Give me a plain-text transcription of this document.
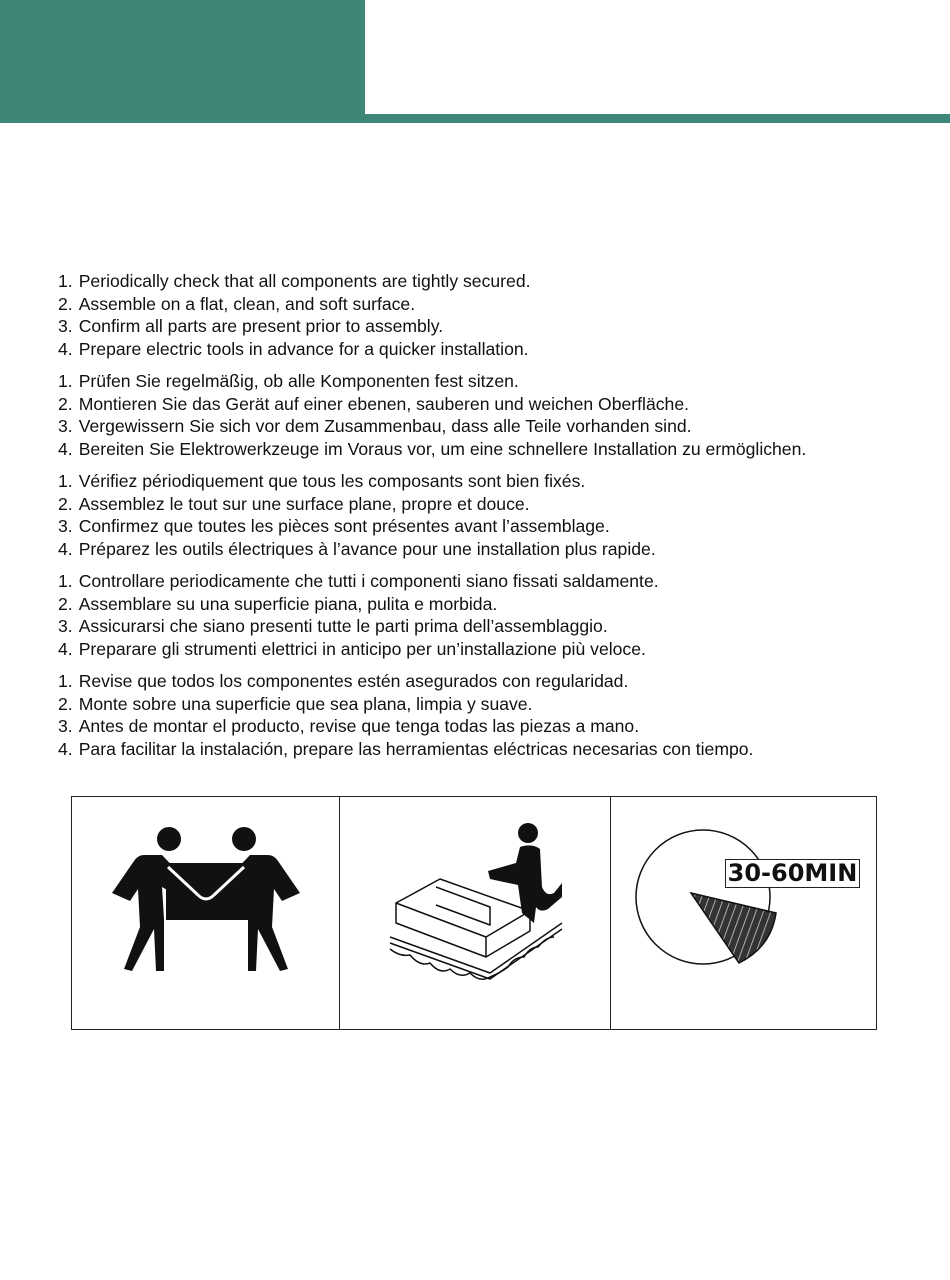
1. Periodically check that all components are tightly secured.
2. Assemble on a flat, clean, and soft surface.
3. Confirm all parts are present prior to assembly.
4. Prepare electric tools in advance for a quicker installation.
1. Prüfen Sie regelmäßig, ob alle Komponenten fest sitzen.
2. Montieren Sie das Gerät auf einer ebenen, sauberen und weichen Oberfläche.
3. Vergewissern Sie sich vor dem Zusammenbau, dass alle Teile vorhanden sind.
4. Bereiten Sie Elektrowerkzeuge im Voraus vor, um eine schnellere Installation zu ermöglichen.
1. Vérifiez périodiquement que tous les composants sont bien fixés.
2. Assemblez le tout sur une surface plane, propre et douce.
3. Confirmez que toutes les pièces sont présentes avant l’assemblage.
4. Préparez les outils électriques à l’avance pour une installation plus rapide.
1. Controllare periodicamente che tutti i componenti siano fissati saldamente.
2. Assemblare su una superficie piana, pulita e morbida.
3. Assicurarsi che siano presenti tutte le parti prima dell’assemblaggio.
4. Preparare gli strumenti elettrici in anticipo per un’installazione più veloce.
1. Revise que todos los componentes estén asegurados con regularidad.
2. Monte sobre una superficie que sea plana, limpia y suave.
3. Antes de montar el producto, revise que tenga todas las piezas a mano.
4. Para facilitar la instalación, prepare las herramientas eléctricas necesarias con tiempo.
30-60MIN
